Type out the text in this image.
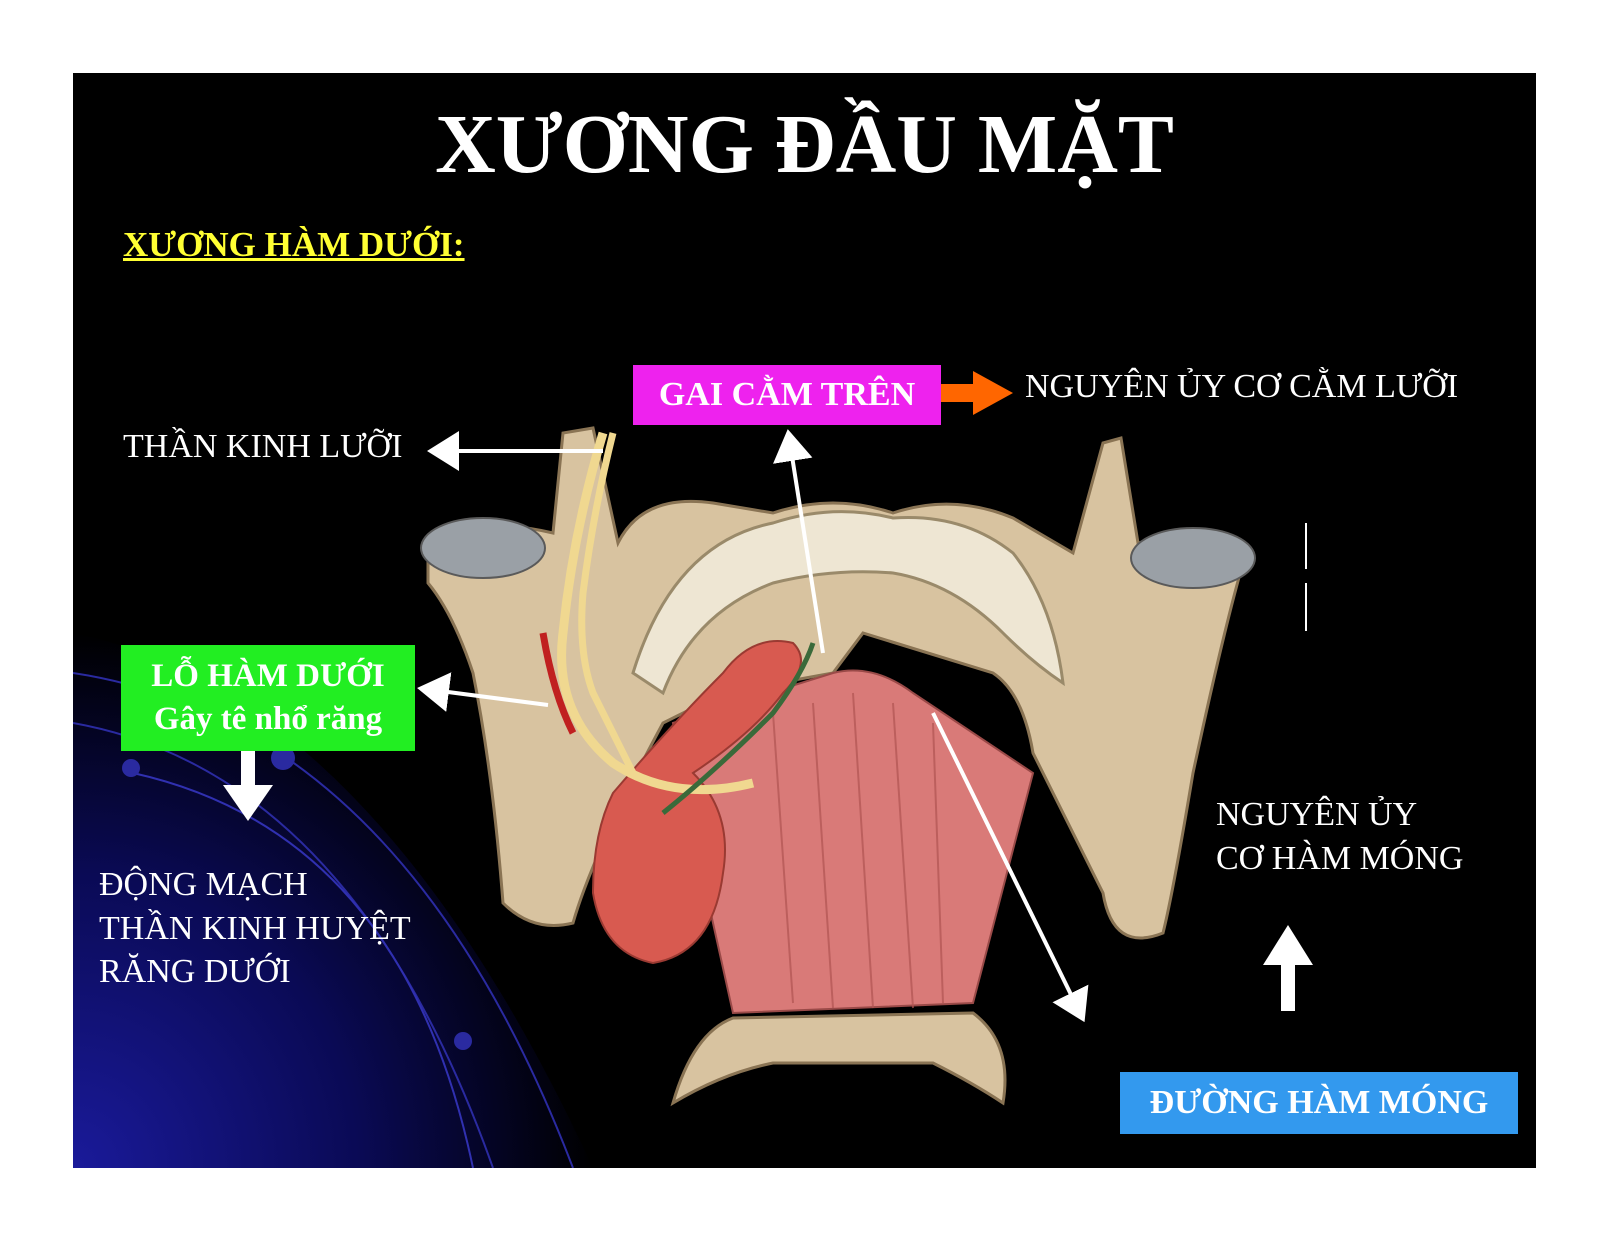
XƯƠNG ĐẦU MẶT
XƯƠNG HÀM DƯỚI:
GAI CẰM TRÊN	NGUYÊN ỦY CƠ CẰM LƯỠI
THẦN KINH LƯỠI
LỖ HÀM DƯỚI
Gây tê nhổ răng
ĐỘNG MẠCH
THẦN KINH HUYỆT
RĂNG DƯỚI
NGUYÊN ỦY
CƠ HÀM MÓNG
ĐƯỜNG HÀM MÓNG
